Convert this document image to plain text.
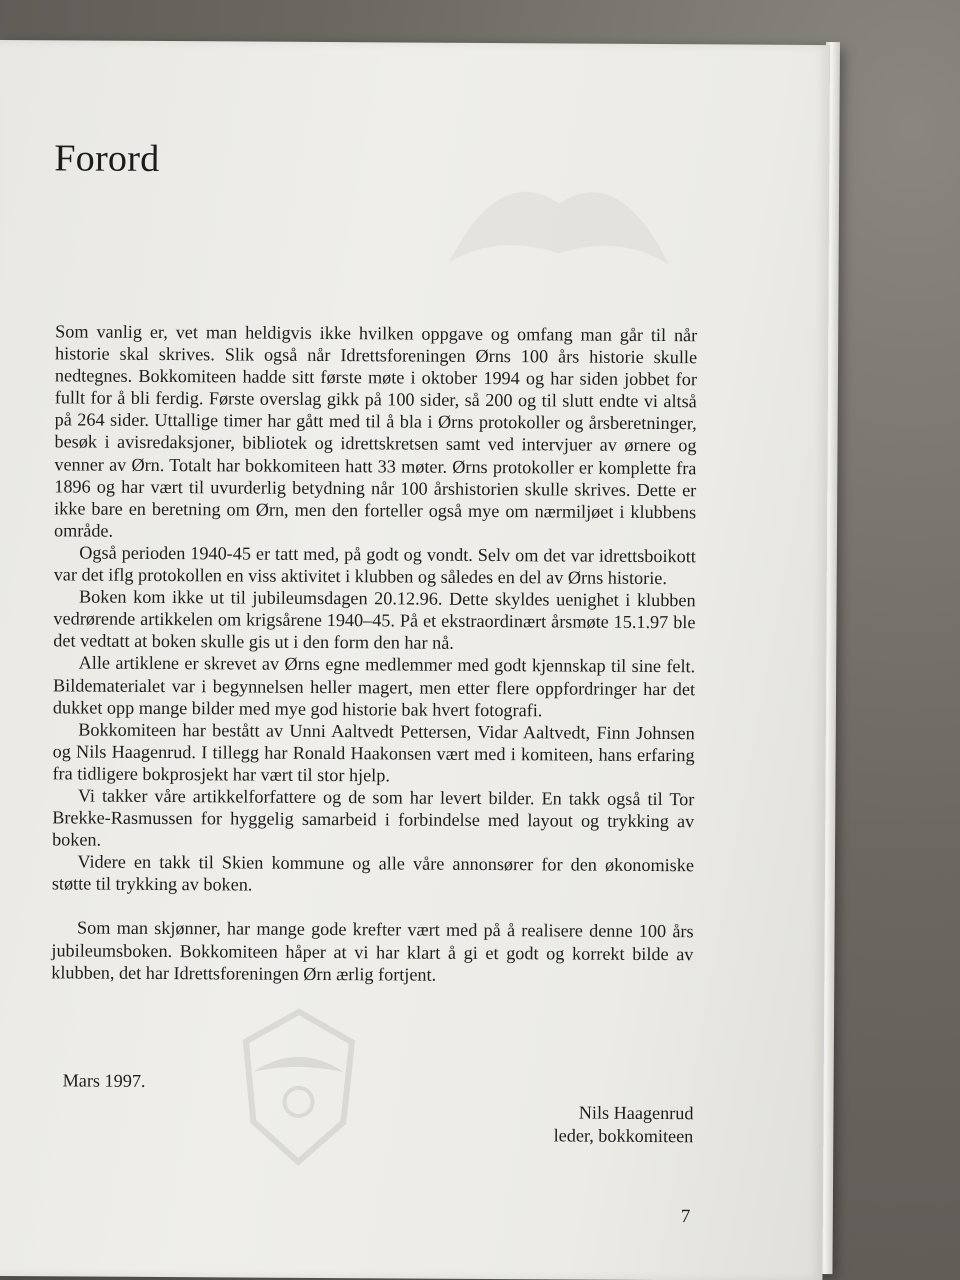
Forord

Som vanlig er, vet man heldigvis ikke hvilken oppgave og omfang man går til når historie skal skrives. Slik også når Idrettsforeningen Ørns 100 års historie skulle nedtegnes. Bokkomiteen hadde sitt første møte i oktober 1994 og har siden jobbet for fullt for å bli ferdig. Første overslag gikk på 100 sider, så 200 og til slutt endte vi altså på 264 sider. Uttallige timer har gått med til å bla i Ørns protokoller og årsberetninger, besøk i avisredaksjoner, bibliotek og idrettskretsen samt ved intervjuer av ørnere og venner av Ørn. Totalt har bokkomiteen hatt 33 møter. Ørns protokoller er komplette fra 1896 og har vært til uvurderlig betydning når 100 årshistorien skulle skrives. Dette er ikke bare en beretning om Ørn, men den forteller også mye om nærmiljøet i klubbens område.

Også perioden 1940-45 er tatt med, på godt og vondt. Selv om det var idrettsboikott var det iflg protokollen en viss aktivitet i klubben og således en del av Ørns historie.

Boken kom ikke ut til jubileumsdagen 20.12.96. Dette skyldes uenighet i klubben vedrørende artikkelen om krigsårene 1940–45. På et ekstraordinært årsmøte 15.1.97 ble det vedtatt at boken skulle gis ut i den form den har nå.

Alle artiklene er skrevet av Ørns egne medlemmer med godt kjennskap til sine felt. Bildematerialet var i begynnelsen heller magert, men etter flere oppfordringer har det dukket opp mange bilder med mye god historie bak hvert fotografi.

Bokkomiteen har bestått av Unni Aaltvedt Pettersen, Vidar Aaltvedt, Finn Johnsen og Nils Haagenrud. I tillegg har Ronald Haakonsen vært med i komiteen, hans erfaring fra tidligere bokprosjekt har vært til stor hjelp.

Vi takker våre artikkelforfattere og de som har levert bilder. En takk også til Tor Brekke-Rasmussen for hyggelig samarbeid i forbindelse med layout og trykking av boken.

Videre en takk til Skien kommune og alle våre annonsører for den økonomiske støtte til trykking av boken.

Som man skjønner, har mange gode krefter vært med på å realisere denne 100 års jubileumsboken. Bokkomiteen håper at vi har klart å gi et godt og korrekt bilde av klubben, det har Idrettsforeningen Ørn ærlig fortjent.

Mars 1997.
Nils Haagenrud
leder, bokkomiteen
7
